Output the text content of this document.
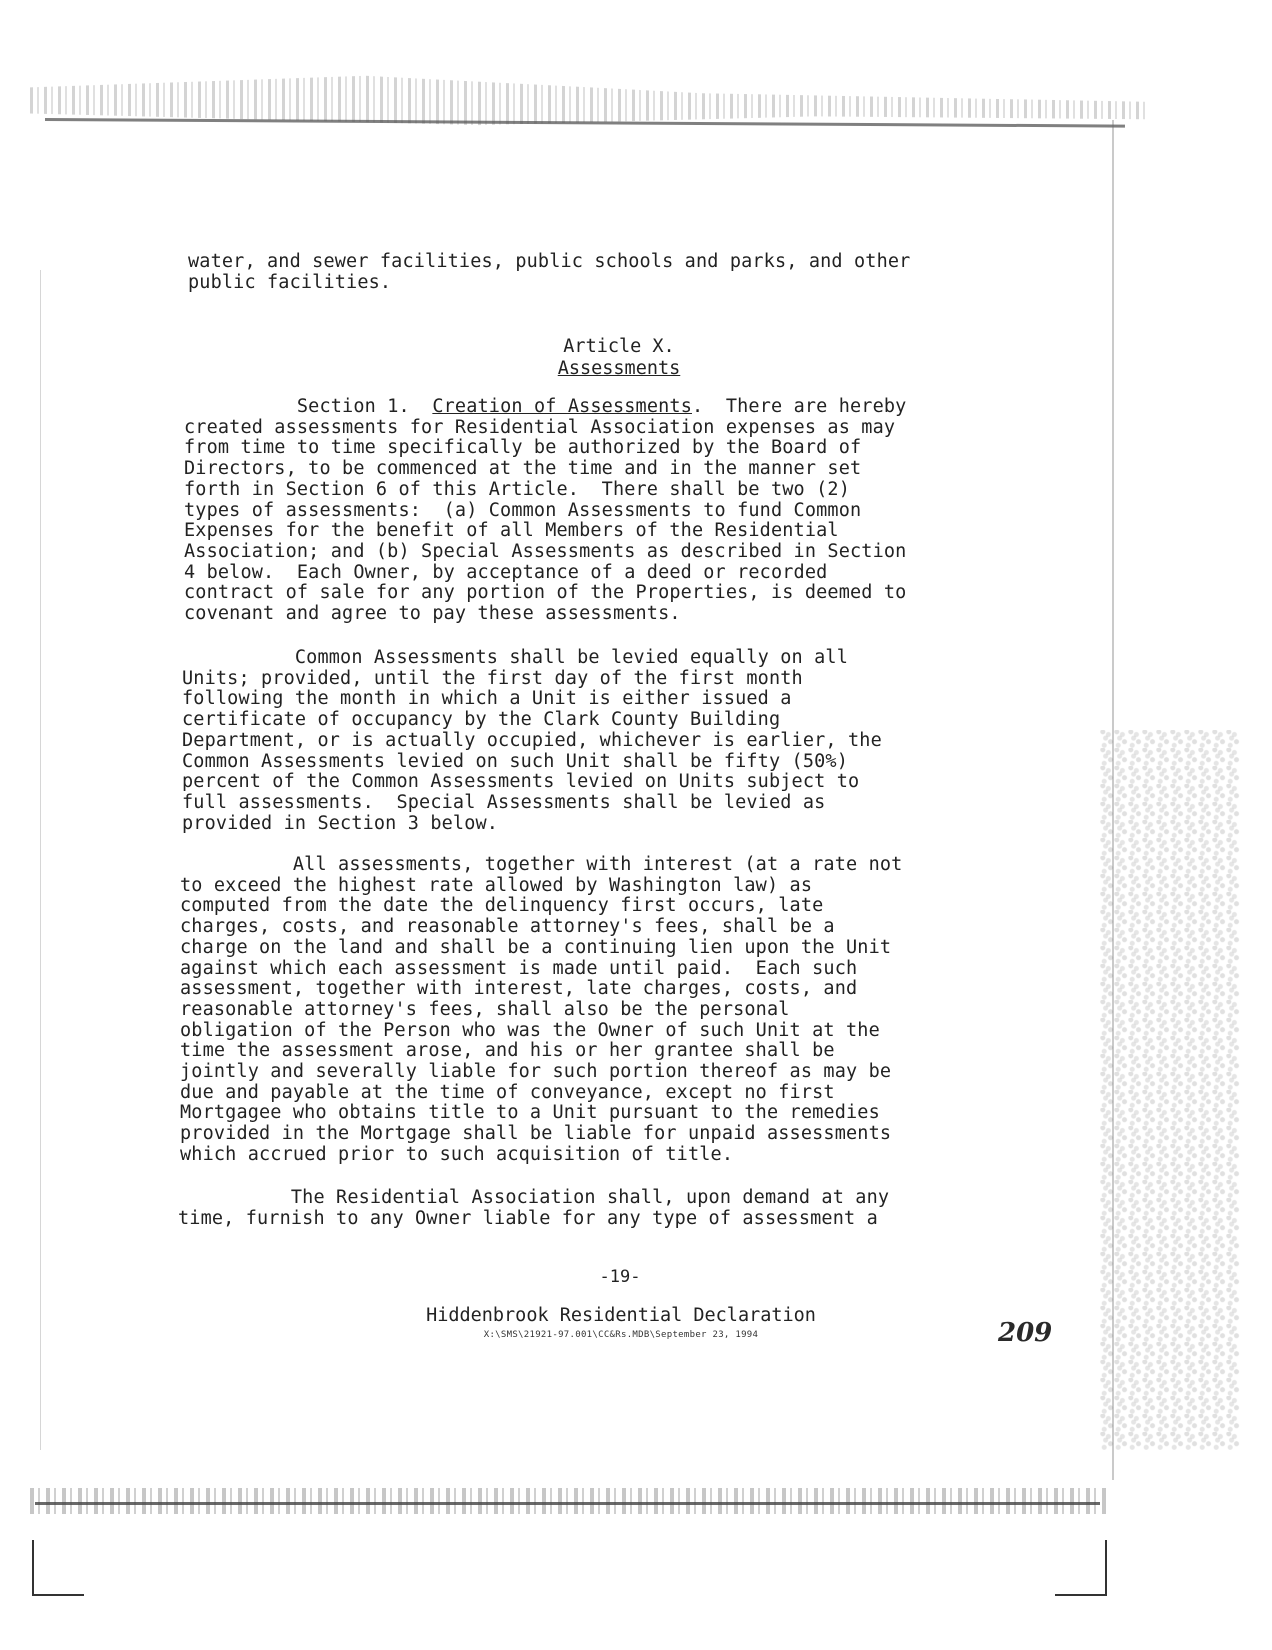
water, and sewer facilities, public schools and parks, and other
public facilities.
Article X.
Assessments
Section 1.  Creation of Assessments.  There are hereby
created assessments for Residential Association expenses as may
from time to time specifically be authorized by the Board of
Directors, to be commenced at the time and in the manner set
forth in Section 6 of this Article.  There shall be two (2)
types of assessments:  (a) Common Assessments to fund Common
Expenses for the benefit of all Members of the Residential
Association; and (b) Special Assessments as described in Section
4 below.  Each Owner, by acceptance of a deed or recorded
contract of sale for any portion of the Properties, is deemed to
covenant and agree to pay these assessments.
Common Assessments shall be levied equally on all
Units; provided, until the first day of the first month
following the month in which a Unit is either issued a
certificate of occupancy by the Clark County Building
Department, or is actually occupied, whichever is earlier, the
Common Assessments levied on such Unit shall be fifty (50%)
percent of the Common Assessments levied on Units subject to
full assessments.  Special Assessments shall be levied as
provided in Section 3 below.
All assessments, together with interest (at a rate not
to exceed the highest rate allowed by Washington law) as
computed from the date the delinquency first occurs, late
charges, costs, and reasonable attorney's fees, shall be a
charge on the land and shall be a continuing lien upon the Unit
against which each assessment is made until paid.  Each such
assessment, together with interest, late charges, costs, and
reasonable attorney's fees, shall also be the personal
obligation of the Person who was the Owner of such Unit at the
time the assessment arose, and his or her grantee shall be
jointly and severally liable for such portion thereof as may be
due and payable at the time of conveyance, except no first
Mortgagee who obtains title to a Unit pursuant to the remedies
provided in the Mortgage shall be liable for unpaid assessments
which accrued prior to such acquisition of title.
The Residential Association shall, upon demand at any
time, furnish to any Owner liable for any type of assessment a
-19-
Hiddenbrook Residential Declaration
X:\SMS\21921-97.001\CC&Rs.MDB\September 23, 1994	209
